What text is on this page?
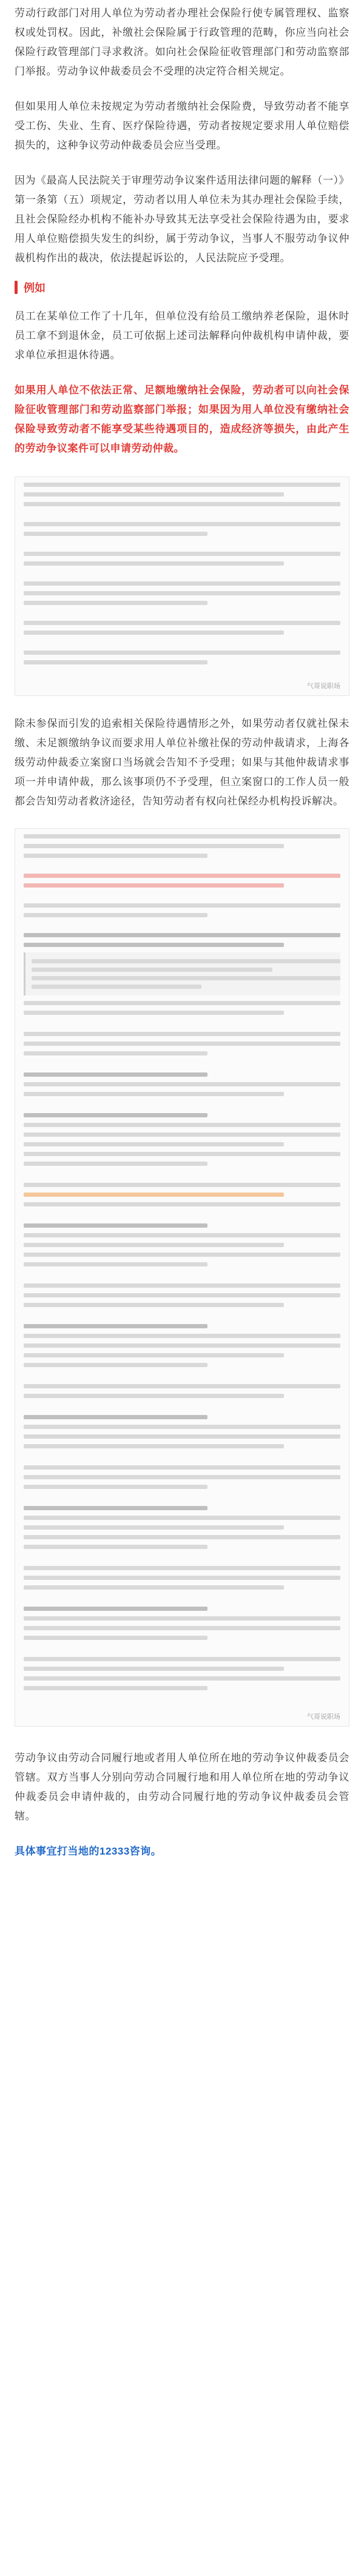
劳动行政部门对用人单位为劳动者办理社会保险行使专属管理权、监察权或处罚权。因此，补缴社会保险属于行政管理的范畴，你应当向社会保险行政管理部门寻求救济。如向社会保险征收管理部门和劳动监察部门举报。劳动争议仲裁委员会不受理的决定符合相关规定。

但如果用人单位未按规定为劳动者缴纳社会保险费，导致劳动者不能享受工伤、失业、生育、医疗保险待遇，劳动者按规定要求用人单位赔偿损失的，这种争议劳动仲裁委员会应当受理。

因为《最高人民法院关于审理劳动争议案件适用法律问题的解释（一）》第一条第（五）项规定，劳动者以用人单位未为其办理社会保险手续，且社会保险经办机构不能补办导致其无法享受社会保险待遇为由，要求用人单位赔偿损失发生的纠纷，属于劳动争议，当事人不服劳动争议仲裁机构作出的裁决，依法提起诉讼的，人民法院应予受理。

例如

员工在某单位工作了十几年，但单位没有给员工缴纳养老保险，退休时员工拿不到退休金，员工可依据上述司法解释向仲裁机构申请仲裁，要求单位承担退休待遇。

如果用人单位不依法正常、足额地缴纳社会保险，劳动者可以向社会保险征收管理部门和劳动监察部门举报；如果因为用人单位没有缴纳社会保险导致劳动者不能享受某些待遇项目的，造成经济等损失，由此产生的劳动争议案件可以申请劳动仲裁。

气哥说职场

除未参保而引发的追索相关保险待遇情形之外，如果劳动者仅就社保未缴、未足额缴纳争议而要求用人单位补缴社保的劳动仲裁请求，上海各级劳动仲裁委立案窗口当场就会告知不予受理；如果与其他仲裁请求事项一并申请仲裁，那么该事项仍不予受理，但立案窗口的工作人员一般都会告知劳动者救济途径，告知劳动者有权向社保经办机构投诉解决。

气哥说职场

劳动争议由劳动合同履行地或者用人单位所在地的劳动争议仲裁委员会管辖。双方当事人分别向劳动合同履行地和用人单位所在地的劳动争议仲裁委员会申请仲裁的，由劳动合同履行地的劳动争议仲裁委员会管辖。

具体事宜打当地的12333咨询。
